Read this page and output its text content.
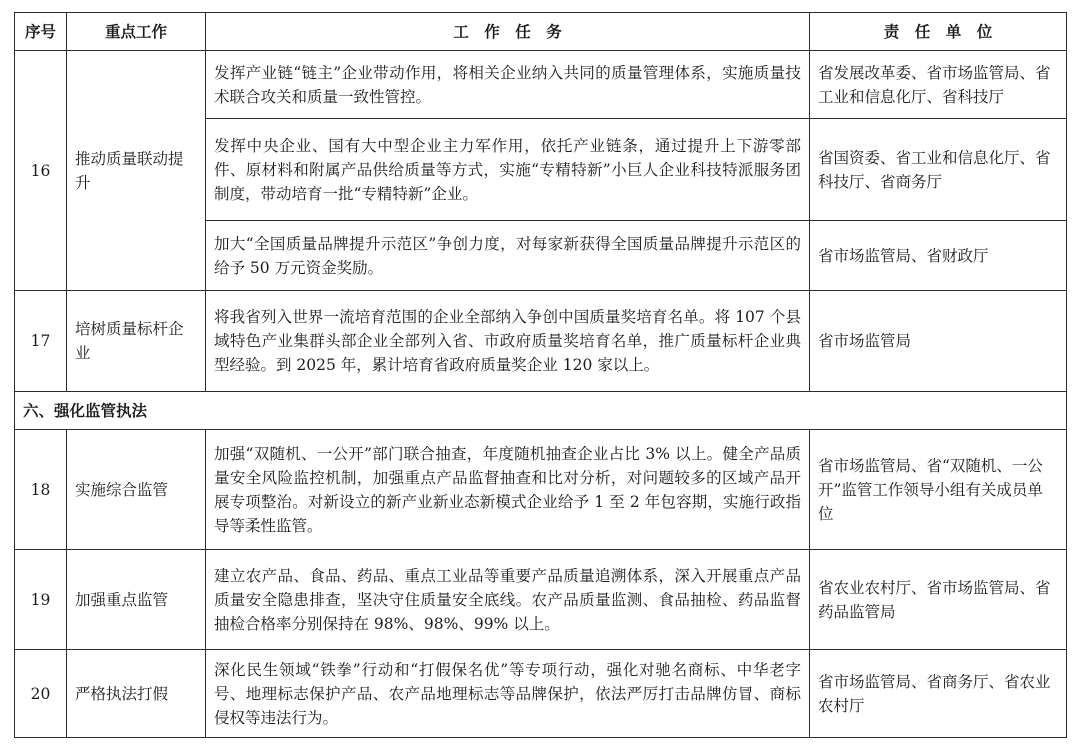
序号	重点工作	工　作　任　务	责　任　单　位
16	推动质量联动提升	发挥产业链“链主”企业带动作用，将相关企业纳入共同的质量管理体系，实施质量技术联合攻关和质量一致性管控。	省发展改革委、省市场监管局、省工业和信息化厅、省科技厅
		发挥中央企业、国有大中型企业主力军作用，依托产业链条，通过提升上下游零部件、原材料和附属产品供给质量等方式，实施“专精特新”小巨人企业科技特派服务团制度，带动培育一批“专精特新”企业。	省国资委、省工业和信息化厅、省科技厅、省商务厅
		加大“全国质量品牌提升示范区”争创力度，对每家新获得全国质量品牌提升示范区的给予 50 万元资金奖励。	省市场监管局、省财政厅
17	培树质量标杆企业	将我省列入世界一流培育范围的企业全部纳入争创中国质量奖培育名单。将 107 个县域特色产业集群头部企业全部列入省、市政府质量奖培育名单，推广质量标杆企业典型经验。到 2025 年，累计培育省政府质量奖企业 120 家以上。	省市场监管局
六、强化监管执法			
18	实施综合监管	加强“双随机、一公开”部门联合抽查，年度随机抽查企业占比 3% 以上。健全产品质量安全风险监控机制，加强重点产品监督抽查和比对分析，对问题较多的区域产品开展专项整治。对新设立的新产业新业态新模式企业给予 1 至 2 年包容期，实施行政指导等柔性监管。	省市场监管局、省“双随机、一公开”监管工作领导小组有关成员单位
19	加强重点监管	建立农产品、食品、药品、重点工业品等重要产品质量追溯体系，深入开展重点产品质量安全隐患排查，坚决守住质量安全底线。农产品质量监测、食品抽检、药品监督抽检合格率分别保持在 98%、98%、99% 以上。	省农业农村厅、省市场监管局、省药品监管局
20	严格执法打假	深化民生领域“铁拳”行动和“打假保名优”等专项行动，强化对驰名商标、中华老字号、地理标志保护产品、农产品地理标志等品牌保护，依法严厉打击品牌仿冒、商标侵权等违法行为。	省市场监管局、省商务厅、省农业农村厅
